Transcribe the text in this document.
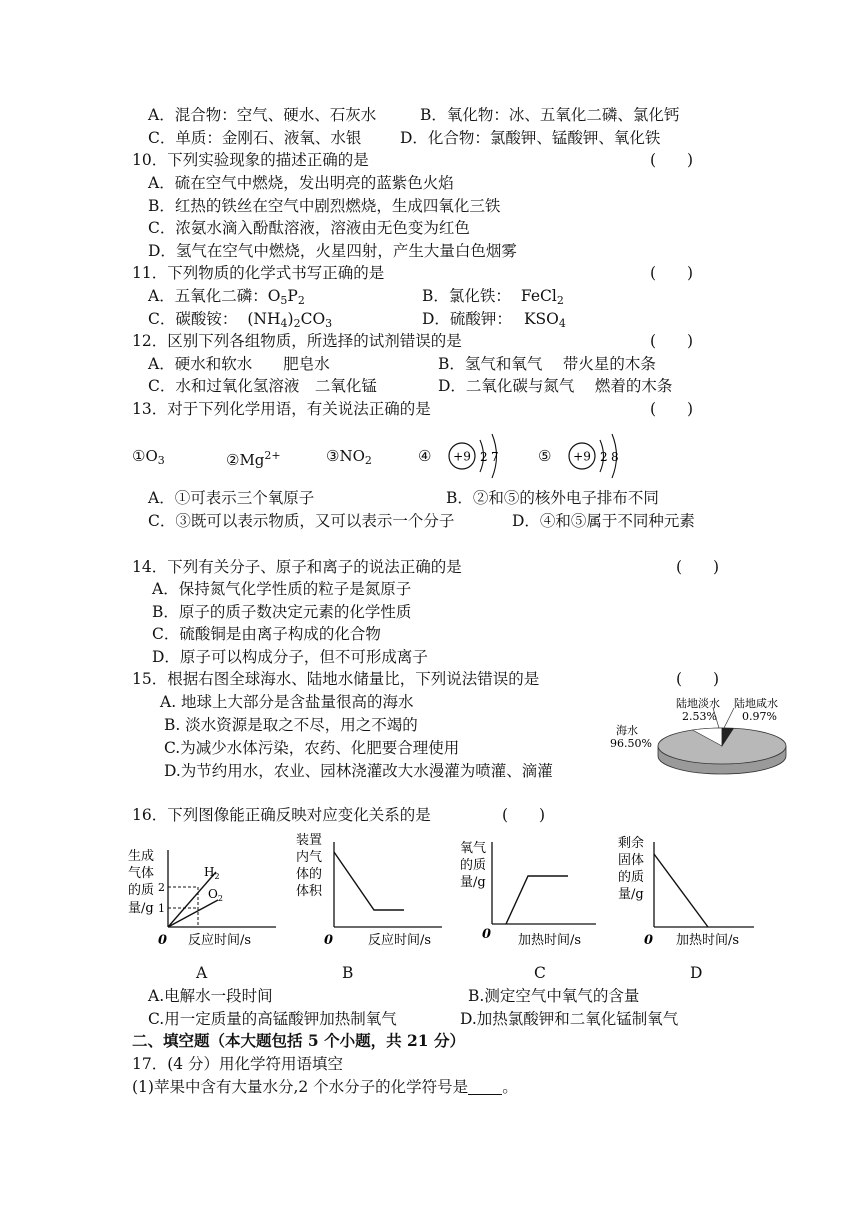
A．混合物：空气、硬水、石灰水	B．氧化物：冰、五氧化二磷、氯化钙
C．单质：金刚石、液氧、水银 D．化合物：氯酸钾、锰酸钾、氧化铁
10．下列实验现象的描述正确的是	(　　)
A．硫在空气中燃烧，发出明亮的蓝紫色火焰
B．红热的铁丝在空气中剧烈燃烧，生成四氧化三铁
C．浓氨水滴入酚酞溶液，溶液由无色变为红色
D．氢气在空气中燃烧，火星四射，产生大量白色烟雾
11．下列物质的化学式书写正确的是	(　　)
A．五氧化二磷：$O_5P_2$	B．氯化铁： FeCl$_2$
C．碳酸铵： $(NH_4)_2CO_3$	D．硫酸钾： $KSO_4$
12．区别下列各组物质，所选择的试剂错误的是	(　　)
A．硬水和软水　　肥皂水	B．氢气和氧气　 带火星的木条
C．水和过氧化氢溶液　二氧化锰	D．二氧化碳与氮气　 燃着的木条
13．对于下列化学用语，有关说法正确的是	(　　)
$①O_3$	$②Mg^{2+}$	$③NO_2$	④	⑤
+9 2 7	+9 2 8
A．①可表示三个氧原子	B．②和⑤的核外电子排布不同
C．③既可以表示物质，又可以表示一个分子	D．④和⑤属于不同种元素
14．下列有关分子、原子和离子的说法正确的是	(　　)
A．保持氮气化学性质的粒子是氮原子
B．原子的质子数决定元素的化学性质
C．硫酸铜是由离子构成的化合物
D．原子可以构成分子，但不可形成离子
15．根据右图全球海水、陆地水储量比，下列说法错误的是	(　　)
A. 地球上大部分是含盐量很高的海水
B. 淡水资源是取之不尽，用之不竭的
C.为减少水体污染，农药、化肥要合理使用
D.为节约用水，农业、园林浇灌改大水漫灌为喷灌、滴灌
陆地淡水
2.53%
陆地咸水
0.97%
海水
96.50%
16．下列图像能正确反映对应变化关系的是	(　　)
生成
气体
的质
量/g
2
1
$H_2$
$O_2$
0 反应时间/s
装置
内气
体的
体积
0	反应时间/s
氧气
的质
量/g
0 加热时间/s
剩余
固体
的质
量/g
0 加热时间/s
A	B	C	D
A.电解水一段时间	B.测定空气中氧气的含量
C.用一定质量的高锰酸钾加热制氧气	D.加热氯酸钾和二氧化锰制氧气
二、填空题（本大题包括 5 个小题，共 21 分）
17．(4 分）用化学符用语填空
(1)苹果中含有大量水分,2 个水分子的化学符号是 。
